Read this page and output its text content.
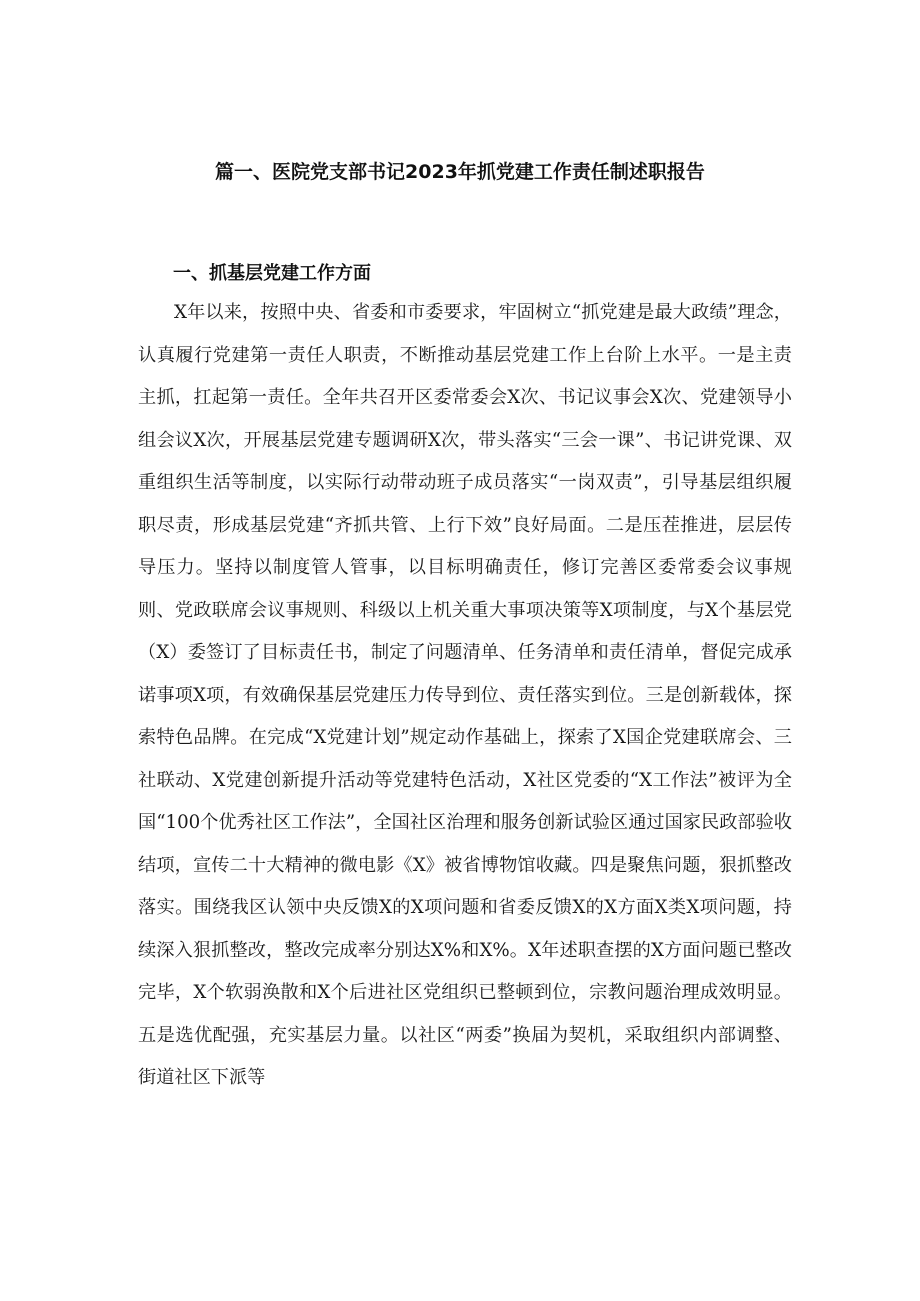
篇一、医院党支部书记2023年抓党建工作责任制述职报告
一、抓基层党建工作方面

X年以来，按照中央、省委和市委要求，牢固树立“抓党建是最大政绩”理念，认真履行党建第一责任人职责，不断推动基层党建工作上台阶上水平。一是主责主抓，扛起第一责任。全年共召开区委常委会X次、书记议事会X次、党建领导小组会议X次，开展基层党建专题调研X次，带头落实“三会一课”、书记讲党课、双重组织生活等制度，以实际行动带动班子成员落实“一岗双责”，引导基层组织履职尽责，形成基层党建“齐抓共管、上行下效”良好局面。二是压茬推进，层层传导压力。坚持以制度管人管事，以目标明确责任，修订完善区委常委会议事规则、党政联席会议事规则、科级以上机关重大事项决策等X项制度，与X个基层党（X）委签订了目标责任书，制定了问题清单、任务清单和责任清单，督促完成承诺事项X项，有效确保基层党建压力传导到位、责任落实到位。三是创新载体，探索特色品牌。在完成“X党建计划”规定动作基础上，探索了X国企党建联席会、三社联动、X党建创新提升活动等党建特色活动，X社区党委的“X工作法”被评为全国“100个优秀社区工作法”，全国社区治理和服务创新试验区通过国家民政部验收结项，宣传二十大精神的微电影《X》被省博物馆收藏。四是聚焦问题，狠抓整改落实。围绕我区认领中央反馈X的X项问题和省委反馈X的X方面X类X项问题，持续深入狠抓整改，整改完成率分别达X%和X%。X年述职查摆的X方面问题已整改完毕，X个软弱涣散和X个后进社区党组织已整顿到位，宗教问题治理成效明显。五是选优配强，充实基层力量。以社区“两委”换届为契机，采取组织内部调整、街道社区下派等
